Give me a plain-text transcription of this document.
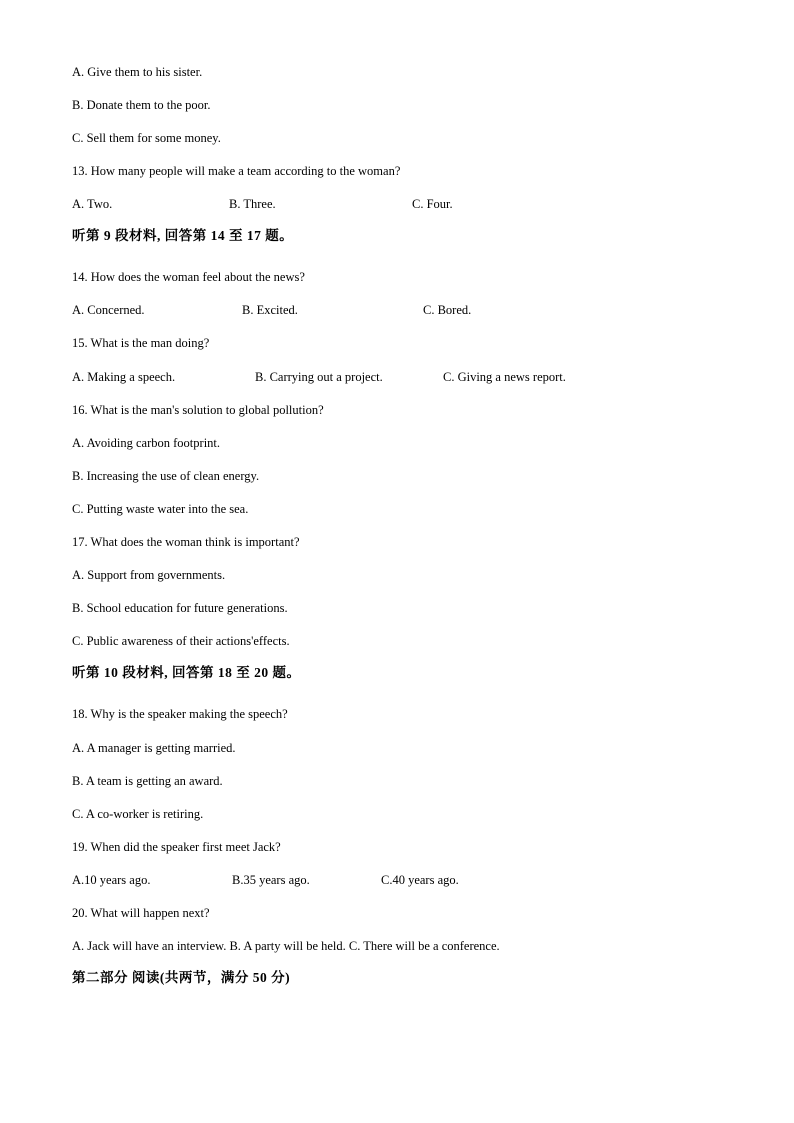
A. Give them to his sister.
B. Donate them to the poor.
C. Sell them for some money.
13. How many people will make a team according to the woman?
A. Two.	B. Three.	C. Four.
听第 9 段材料, 回答第 14 至 17 题。
14. How does the woman feel about the news?
A. Concerned.	B. Excited.	C. Bored.
15. What is the man doing?
A. Making a speech.	B. Carrying out a project.	C. Giving a news report.
16. What is the man's solution to global pollution?
A. Avoiding carbon footprint.
B. Increasing the use of clean energy.
C. Putting waste water into the sea.
17. What does the woman think is important?
A. Support from governments.
B. School education for future generations.
C. Public awareness of their actions'effects.
听第 10 段材料, 回答第 18 至 20 题。
18. Why is the speaker making the speech?
A. A manager is getting married.
B. A team is getting an award.
C. A co-worker is retiring.
19. When did the speaker first meet Jack?
A.10 years ago.	B.35 years ago.	C.40 years ago.
20. What will happen next?
A. Jack will have an interview. B. A party will be held. C. There will be a conference.
第二部分 阅读(共两节，满分 50 分)
